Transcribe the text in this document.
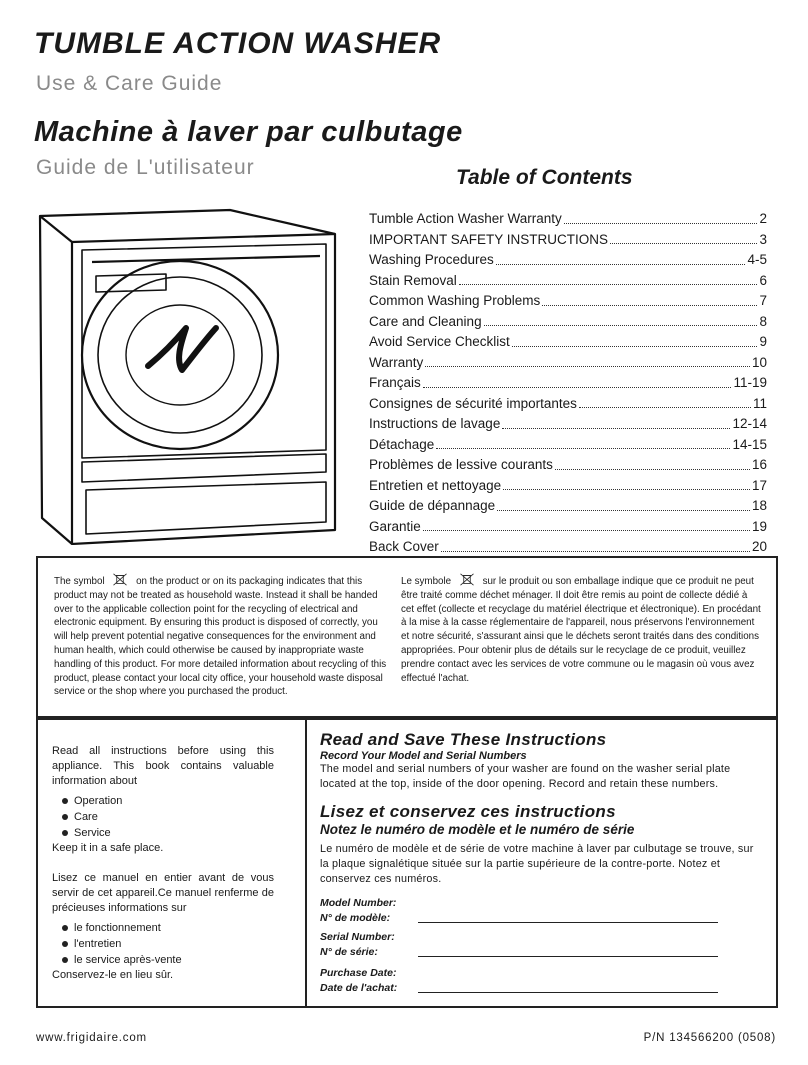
TUMBLE ACTION WASHER
Use & Care Guide
Machine à laver par culbutage
Guide de L'utilisateur	Table of Contents
Tumble Action Washer Warranty	2
IMPORTANT SAFETY INSTRUCTIONS	3
Washing Procedures	4-5
Stain Removal	6
Common Washing Problems	7
Care and Cleaning	8
Avoid Service Checklist	9
Warranty	10
Français	11-19
Consignes de sécurité importantes	11
Instructions de lavage	12-14
Détachage	14-15
Problèmes de lessive courants	16
Entretien et nettoyage	17
Guide de dépannage	18
Garantie	19
Back Cover	20
The symbol	on the product or on its packaging indicates that this product may not be treated as household waste. Instead it shall be handed over to the applicable collection point for the recycling of electrical and electronic equipment. By ensuring this product is disposed of correctly, you will help prevent potential negative consequences for the environment and human health, which could otherwise be caused by inappropriate waste handling of this product. For more detailed information about recycling of this product, please contact your local city office, your household waste disposal service or the shop where you purchased the product.
Le symbole	sur le produit ou son emballage indique que ce produit ne peut être traité comme déchet ménager. Il doit être remis au point de collecte dédié à cet effet (collecte et recyclage du matériel électrique et électronique). En procédant à la mise à la casse réglementaire de l'appareil, nous préservons l'environnement et notre sécurité, s'assurant ainsi que le déchets seront traités dans des conditions appropriées. Pour obtenir plus de détails sur le recyclage de ce produit, veuillez prendre contact avec les services de votre commune ou le magasin où vous avez effectué l'achat.

Read all instructions before using this appliance. This book contains valuable information about

Operation
Care
Service

Keep it in a safe place.

Lisez ce manuel en entier avant de vous servir de cet appareil.Ce manuel renferme de précieuses informations sur

le fonctionnement
l'entretien
le service après-vente

Conservez-le en lieu sûr.

Read and Save These Instructions

Record Your Model and Serial Numbers

The model and serial numbers of your washer are found on the washer serial plate located at the top, inside of the door opening. Record and retain these numbers.

Lisez et conservez ces instructions

Notez le numéro de modèle et le numéro de série

Le numéro de modèle et de série de votre machine à laver par culbutage se trouve, sur la plaque signalétique située sur la partie supérieure de la contre-porte. Notez et conservez ces numéros.

Model Number:
N° de modèle:
Serial Number:
N° de série:
Purchase Date:
Date de l'achat:
www.frigidaire.com	P/N 134566200 (0508)
